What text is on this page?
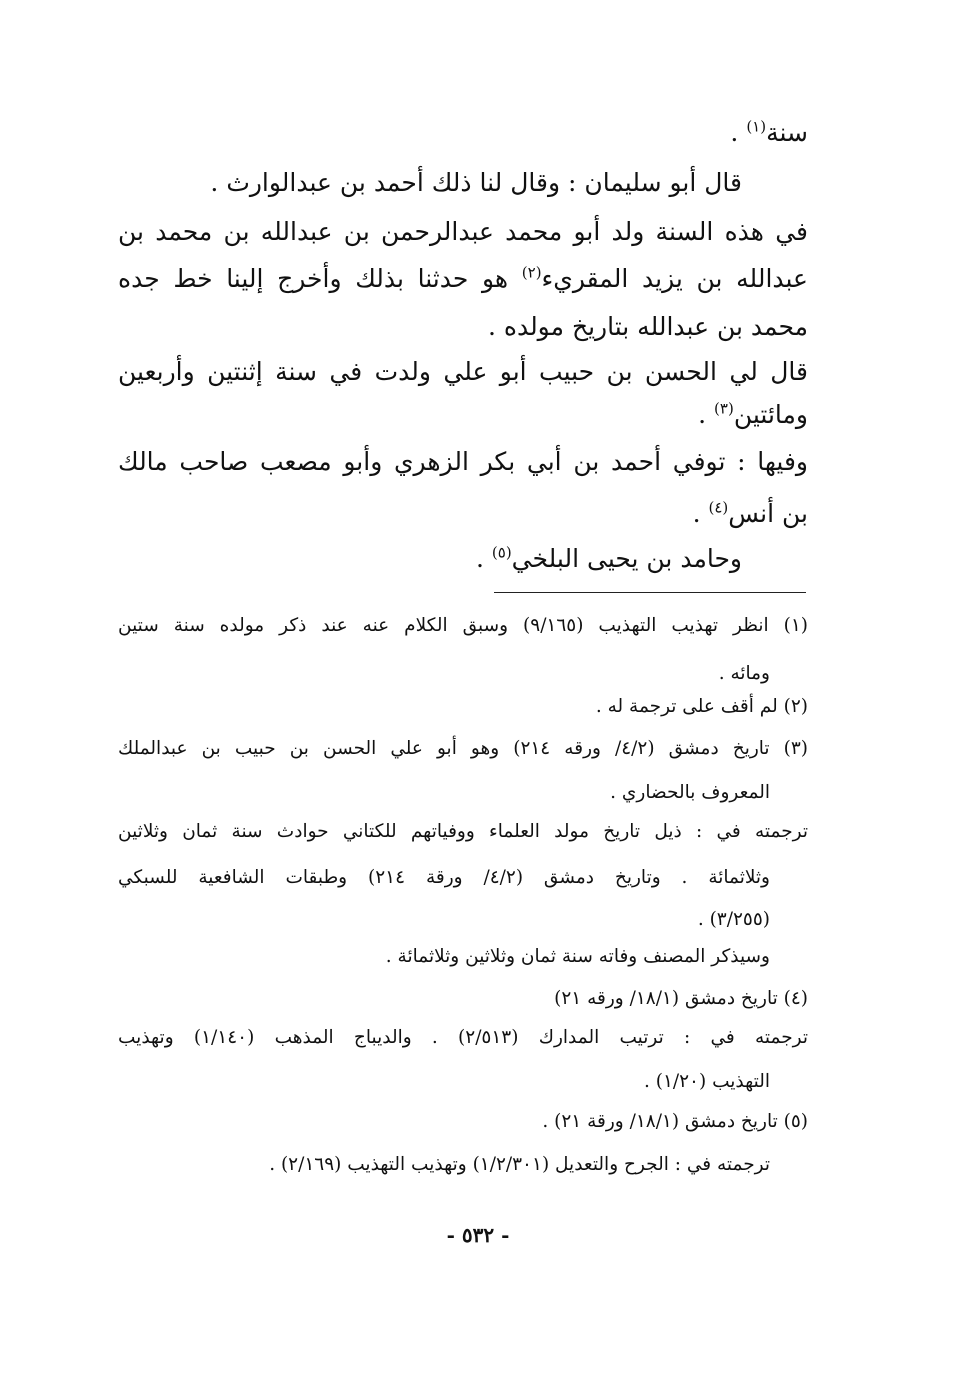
سنة$^{(١)}$ .
قال أبو سليمان : وقال لنا ذلك أحمد بن عبدالوارث .
في هذه السنة ولد أبو محمد عبدالرحمن بن عبدالله بن محمد بن
عبدالله بن يزيد المقريء$^{(٢)}$ هو حدثنا بذلك وأخرج إلينا خط جده
محمد بن عبدالله بتاريخ مولده .
قال لي الحسن بن حبيب أبو علي ولدت في سنة إثنتين وأربعين
ومائتين$^{(٣)}$ .
وفيها : توفي أحمد بن أبي بكر الزهري وأبو مصعب صاحب مالك
بن أنس$^{(٤)}$ .
وحامد بن يحيى البلخي$^{(٥)}$ .
(١) انظر تهذيب التهذيب (٩/١٦٥) وسبق الكلام عنه عند ذكر مولده سنة ستين
ومائه .
(٢) لم أقف على ترجمة له .
(٣) تاريخ دمشق (٤/٢/ ورقه ٢١٤) وهو أبو علي الحسن بن حبيب بن عبدالملك
المعروف بالحضاري .
ترجمته في : ذيل تاريخ مولد العلماء ووفياتهم للكتاني حوادث سنة ثمان وثلاثين
وثلاثمائة . وتاريخ دمشق (٤/٢/ ورقة ٢١٤) وطبقات الشافعية للسبكي
(٣/٢٥٥) .
وسيذكر المصنف وفاته سنة ثمان وثلاثين وثلاثمائة .
(٤) تاريخ دمشق (١٨/١/ ورقه ٢١)
ترجمته في : ترتيب المدارك (٢/٥١٣) . والديباج المذهب (١/١٤٠) وتهذيب
التهذيب (١/٢٠) .
(٥) تاريخ دمشق (١٨/١/ ورقة ٢١) .
ترجمته في : الجرح والتعديل (١/٢/٣٠١) وتهذيب التهذيب (٢/١٦٩) .
- ٥٣٢ -
